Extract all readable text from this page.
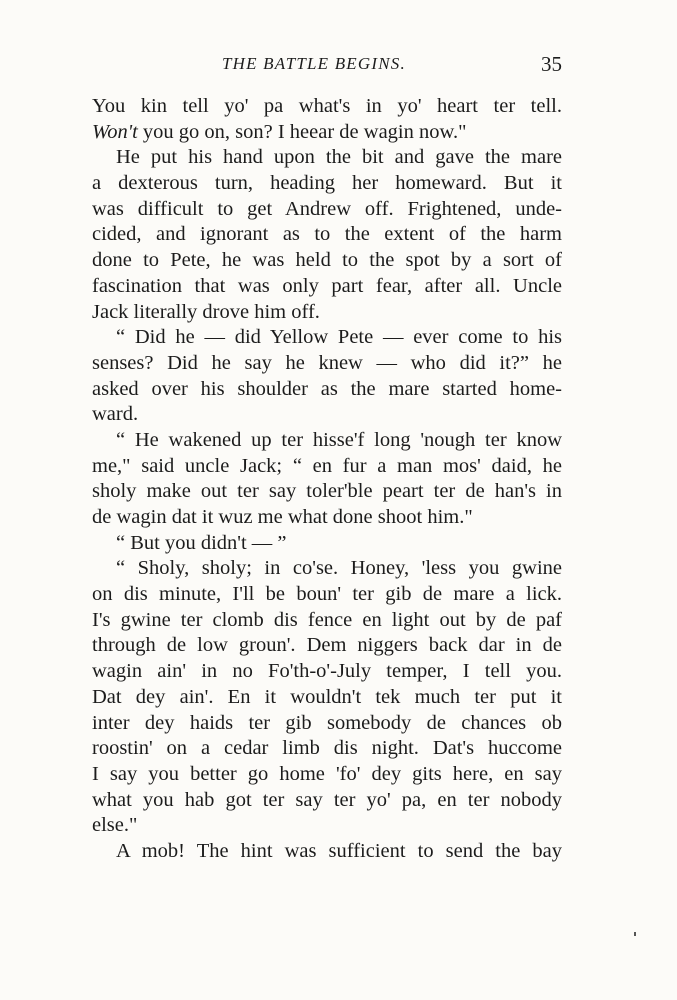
THE BATTLE BEGINS.	35
You kin tell yo' pa what's in yo' heart ter tell.
Won't you go on, son? I heear de wagin now."
He put his hand upon the bit and gave the mare
a dexterous turn, heading her homeward. But it
was difficult to get Andrew off. Frightened, unde-
cided, and ignorant as to the extent of the harm
done to Pete, he was held to the spot by a sort of
fascination that was only part fear, after all. Uncle
Jack literally drove him off.
“ Did he — did Yellow Pete — ever come to his
senses? Did he say he knew — who did it?” he
asked over his shoulder as the mare started home-
ward.
“ He wakened up ter hisse'f long 'nough ter know
me," said uncle Jack; “ en fur a man mos' daid, he
sholy make out ter say toler'ble peart ter de han's in
de wagin dat it wuz me what done shoot him."
“ But you didn't — ”
“ Sholy, sholy; in co'se. Honey, 'less you gwine
on dis minute, I'll be boun' ter gib de mare a lick.
I's gwine ter clomb dis fence en light out by de paf
through de low groun'. Dem niggers back dar in de
wagin ain' in no Fo'th-o'-July temper, I tell you.
Dat dey ain'. En it wouldn't tek much ter put it
inter dey haids ter gib somebody de chances ob
roostin' on a cedar limb dis night. Dat's huccome
I say you better go home 'fo' dey gits here, en say
what you hab got ter say ter yo' pa, en ter nobody
else."
A mob! The hint was sufficient to send the bay
